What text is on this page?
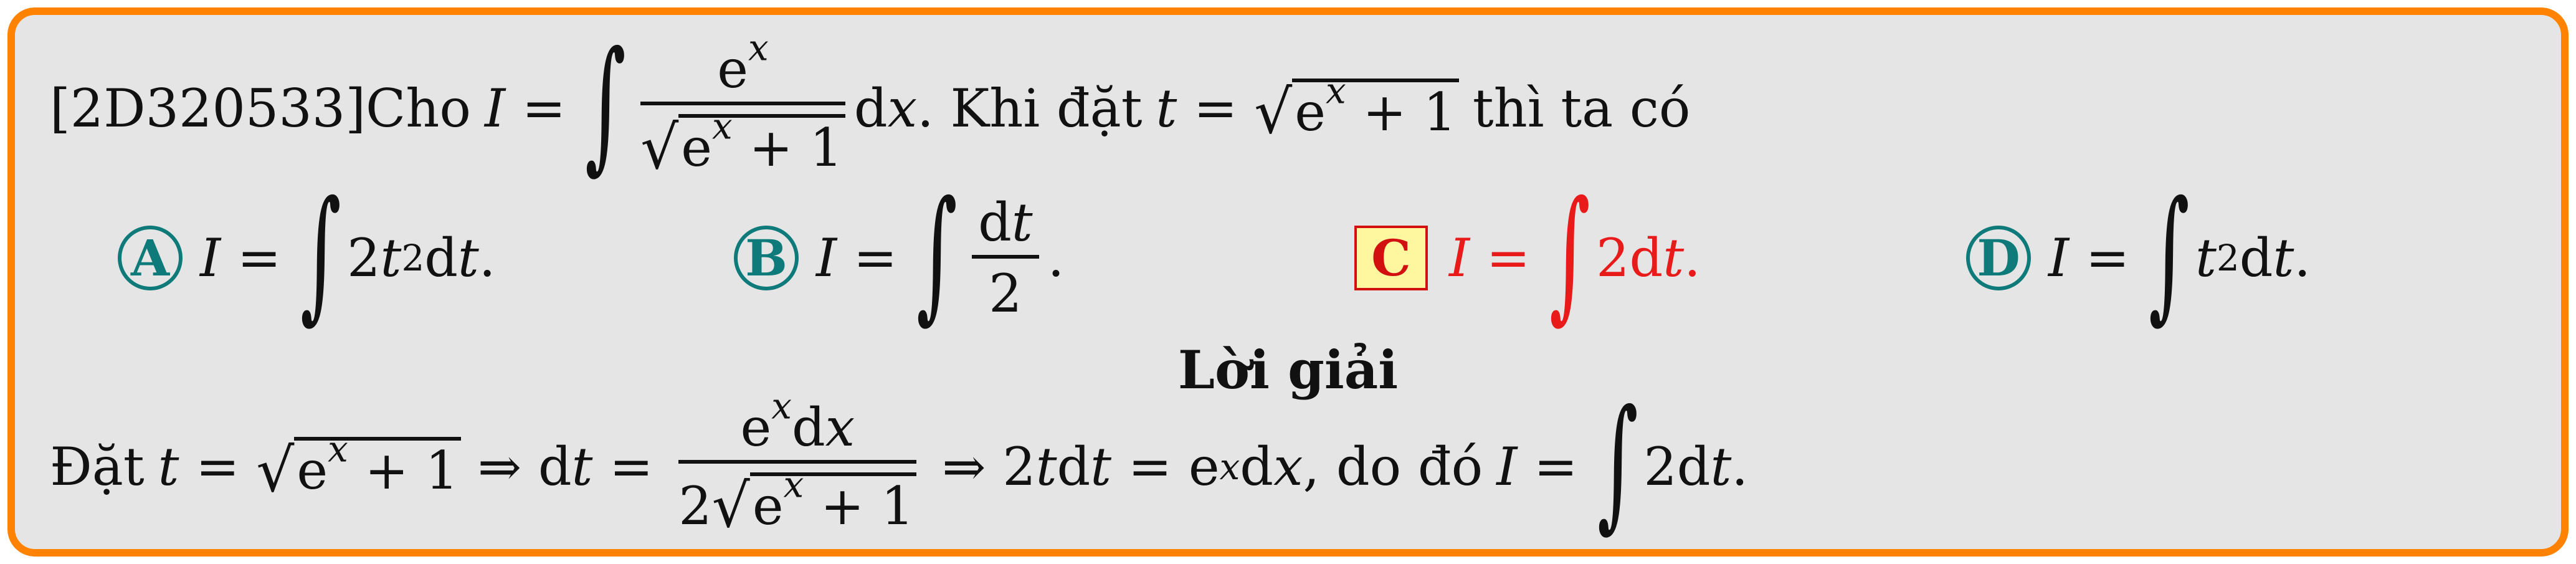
[2D320533] Cho I = ∫ $e^x$
√ $e^x + 1$
d x . Khi đặt t = √ $e^x + 1$ thì ta có
A I = ∫ 2 t 2 d t .	B I = ∫ dt
2
.	C I = ∫ 2d t .	D I = ∫ t 2 d t .
Lời giải
Đặt t = √ $e^x + 1$ ⇒ d t =
$e^xdx$
2 √ $e^x + 1$
⇒ 2 t d t = e x d x , do đó I = ∫ 2d t .
